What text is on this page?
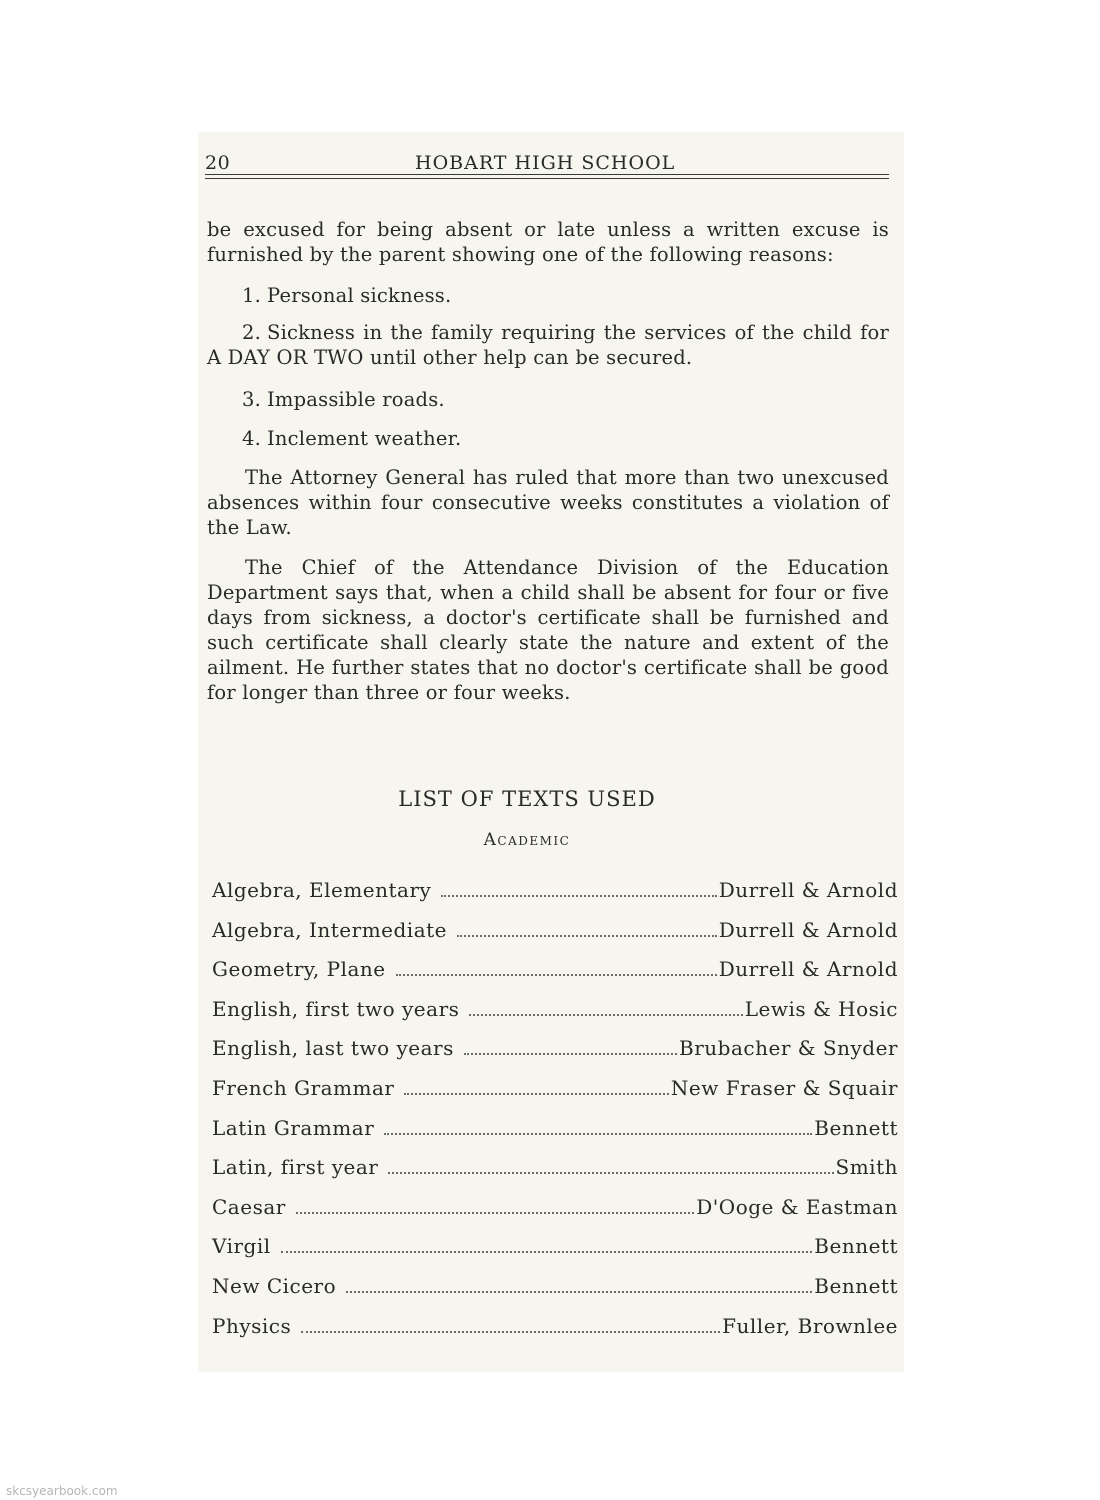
20	HOBART HIGH SCHOOL
be excused for being absent or late unless a written excuse is furnished by the parent showing one of the following reasons:
1. Personal sickness.
2. Sickness in the family requiring the services of the child for A DAY OR TWO until other help can be secured.
3. Impassible roads.
4. Inclement weather.
The Attorney General has ruled that more than two unexcused absences within four consecutive weeks constitutes a violation of the Law.
The Chief of the Attendance Division of the Education Department says that, when a child shall be absent for four or five days from sickness, a doctor's certificate shall be furnished and such certificate shall clearly state the nature and extent of the ailment. He further states that no doctor's certificate shall be good for longer than three or four weeks.
LIST OF TEXTS USED
Academic
Algebra, Elementary	Durrell & Arnold
Algebra, Intermediate	Durrell & Arnold
Geometry, Plane	Durrell & Arnold
English, first two years	Lewis & Hosic
English, last two years	Brubacher & Snyder
French Grammar	New Fraser & Squair
Latin Grammar	Bennett
Latin, first year	Smith
Caesar	D'Ooge & Eastman
Virgil	Bennett
New Cicero	Bennett
Physics	Fuller, Brownlee
skcsyearbook.com
